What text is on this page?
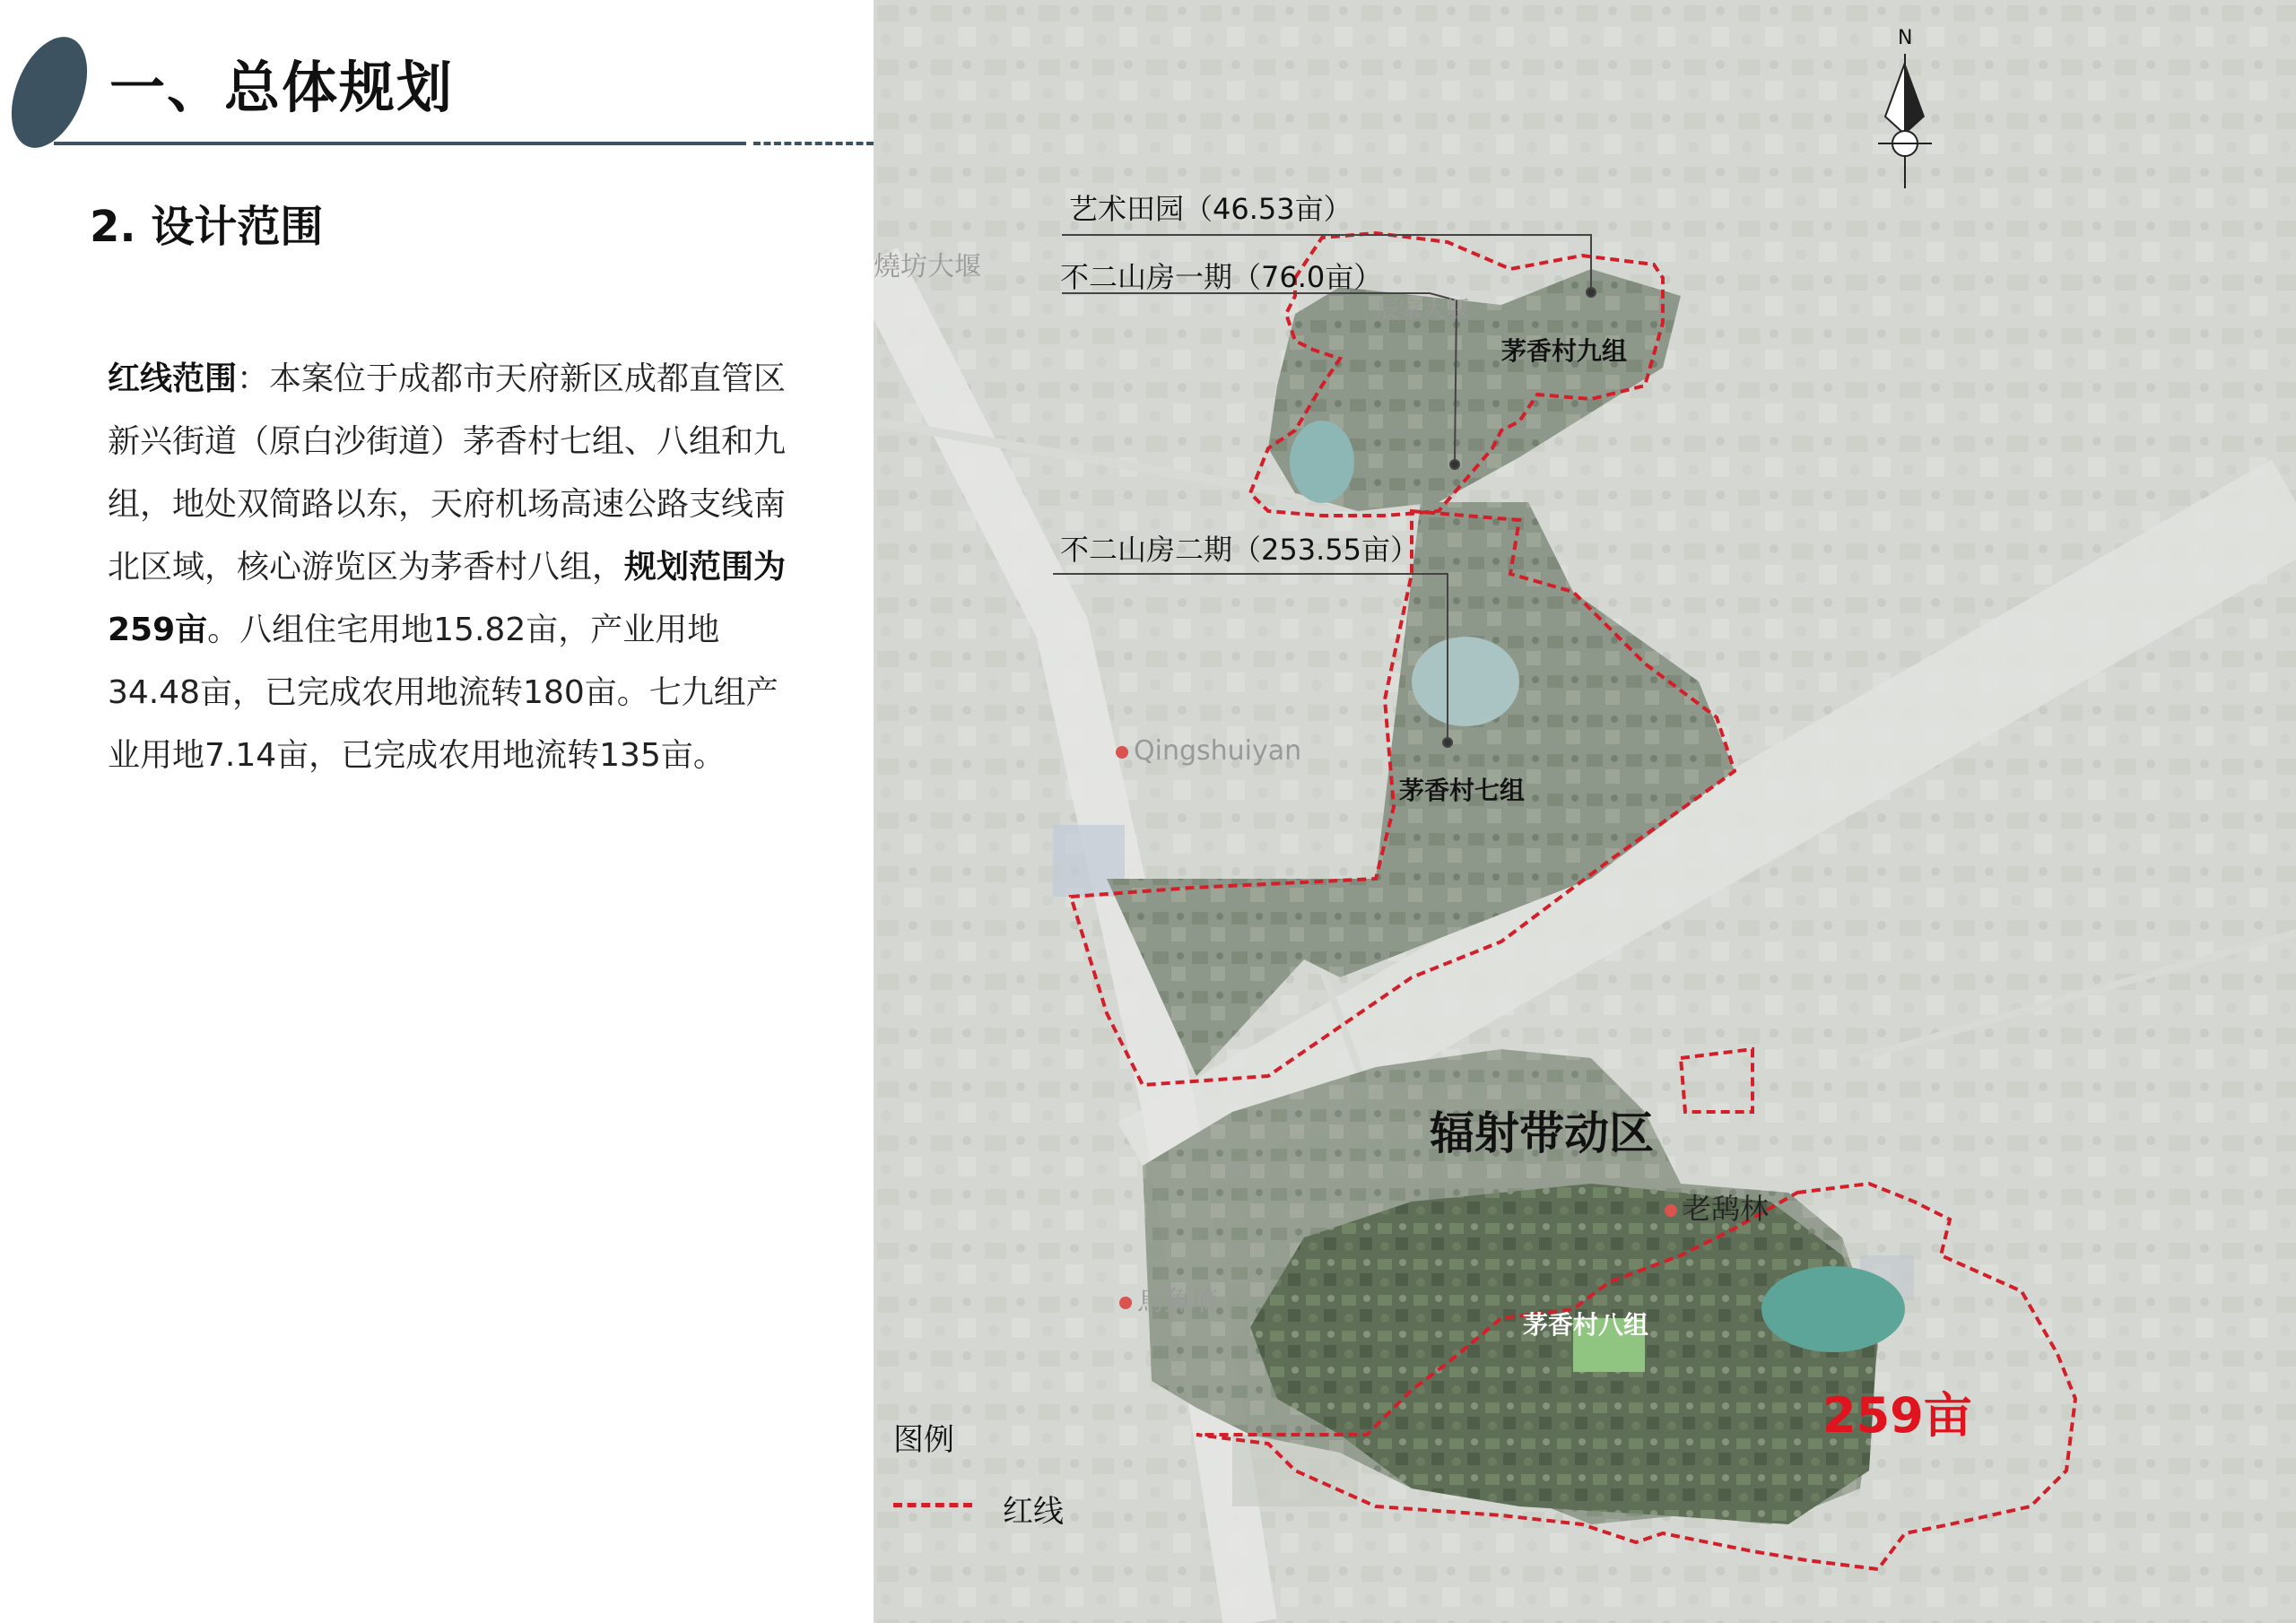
一、总体规划
2. 设计范围
红线范围：本案位于成都市天府新区成都直管区新兴街道（原白沙街道）茅香村七组、八组和九组，地处双简路以东，天府机场高速公路支线南北区域，核心游览区为茅香村八组，规划范围为259亩。八组住宅用地15.82亩，产业用地34.48亩，已完成农用地流转180亩。七九组产业用地7.14亩，已完成农用地流转135亩。
N
燒坊大堰
辰家大堰
Qingshuiyan
老鸹林
烏魚墒
艺术田园（46.53亩）
不二山房一期（76.0亩）
不二山房二期（253.55亩）
茅香村九组
茅香村七组
茅香村八组
辐射带动区
259亩
图例
红线
